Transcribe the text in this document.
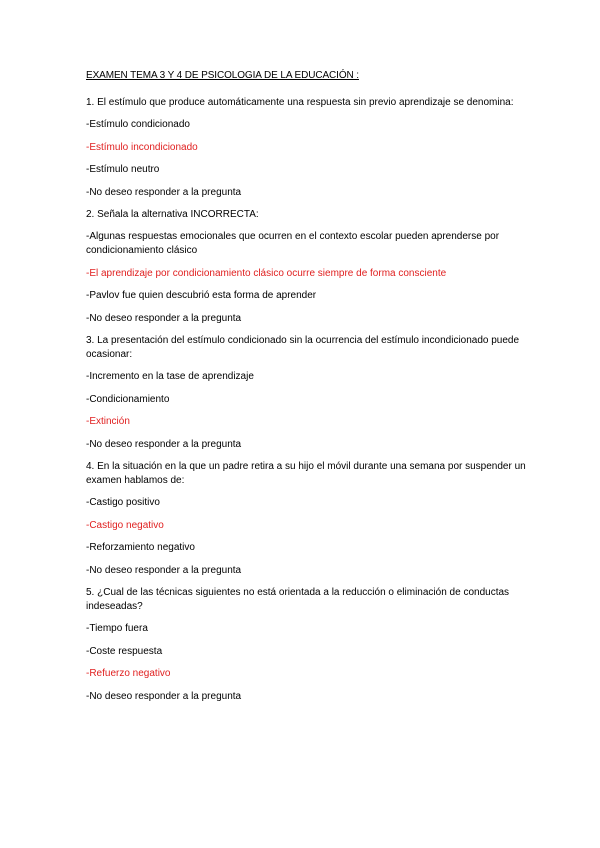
EXAMEN TEMA 3 Y 4 DE PSICOLOGIA DE LA EDUCACIÓN :
1. El estímulo que produce automáticamente una respuesta sin previo aprendizaje se denomina:
-Estímulo condicionado
-Estímulo incondicionado
-Estímulo neutro
-No deseo responder a la pregunta
2. Señala la alternativa INCORRECTA:
-Algunas respuestas emocionales que ocurren en el contexto escolar pueden aprenderse por condicionamiento clásico
-El aprendizaje por condicionamiento clásico ocurre siempre de forma consciente
-Pavlov fue quien descubrió esta forma de aprender
-No deseo responder a la pregunta
3. La presentación del estímulo condicionado sin la ocurrencia del estímulo incondicionado puede ocasionar:
-Incremento en la tase de aprendizaje
-Condicionamiento
-Extinción
-No deseo responder a la pregunta
4. En la situación en la que un padre retira a su hijo el móvil durante una semana por suspender un examen hablamos de:
-Castigo positivo
-Castigo negativo
-Reforzamiento negativo
-No deseo responder a la pregunta
5. ¿Cual de las técnicas siguientes no está orientada a la reducción o eliminación de conductas indeseadas?
-Tiempo fuera
-Coste respuesta
-Refuerzo negativo
-No deseo responder a la pregunta
